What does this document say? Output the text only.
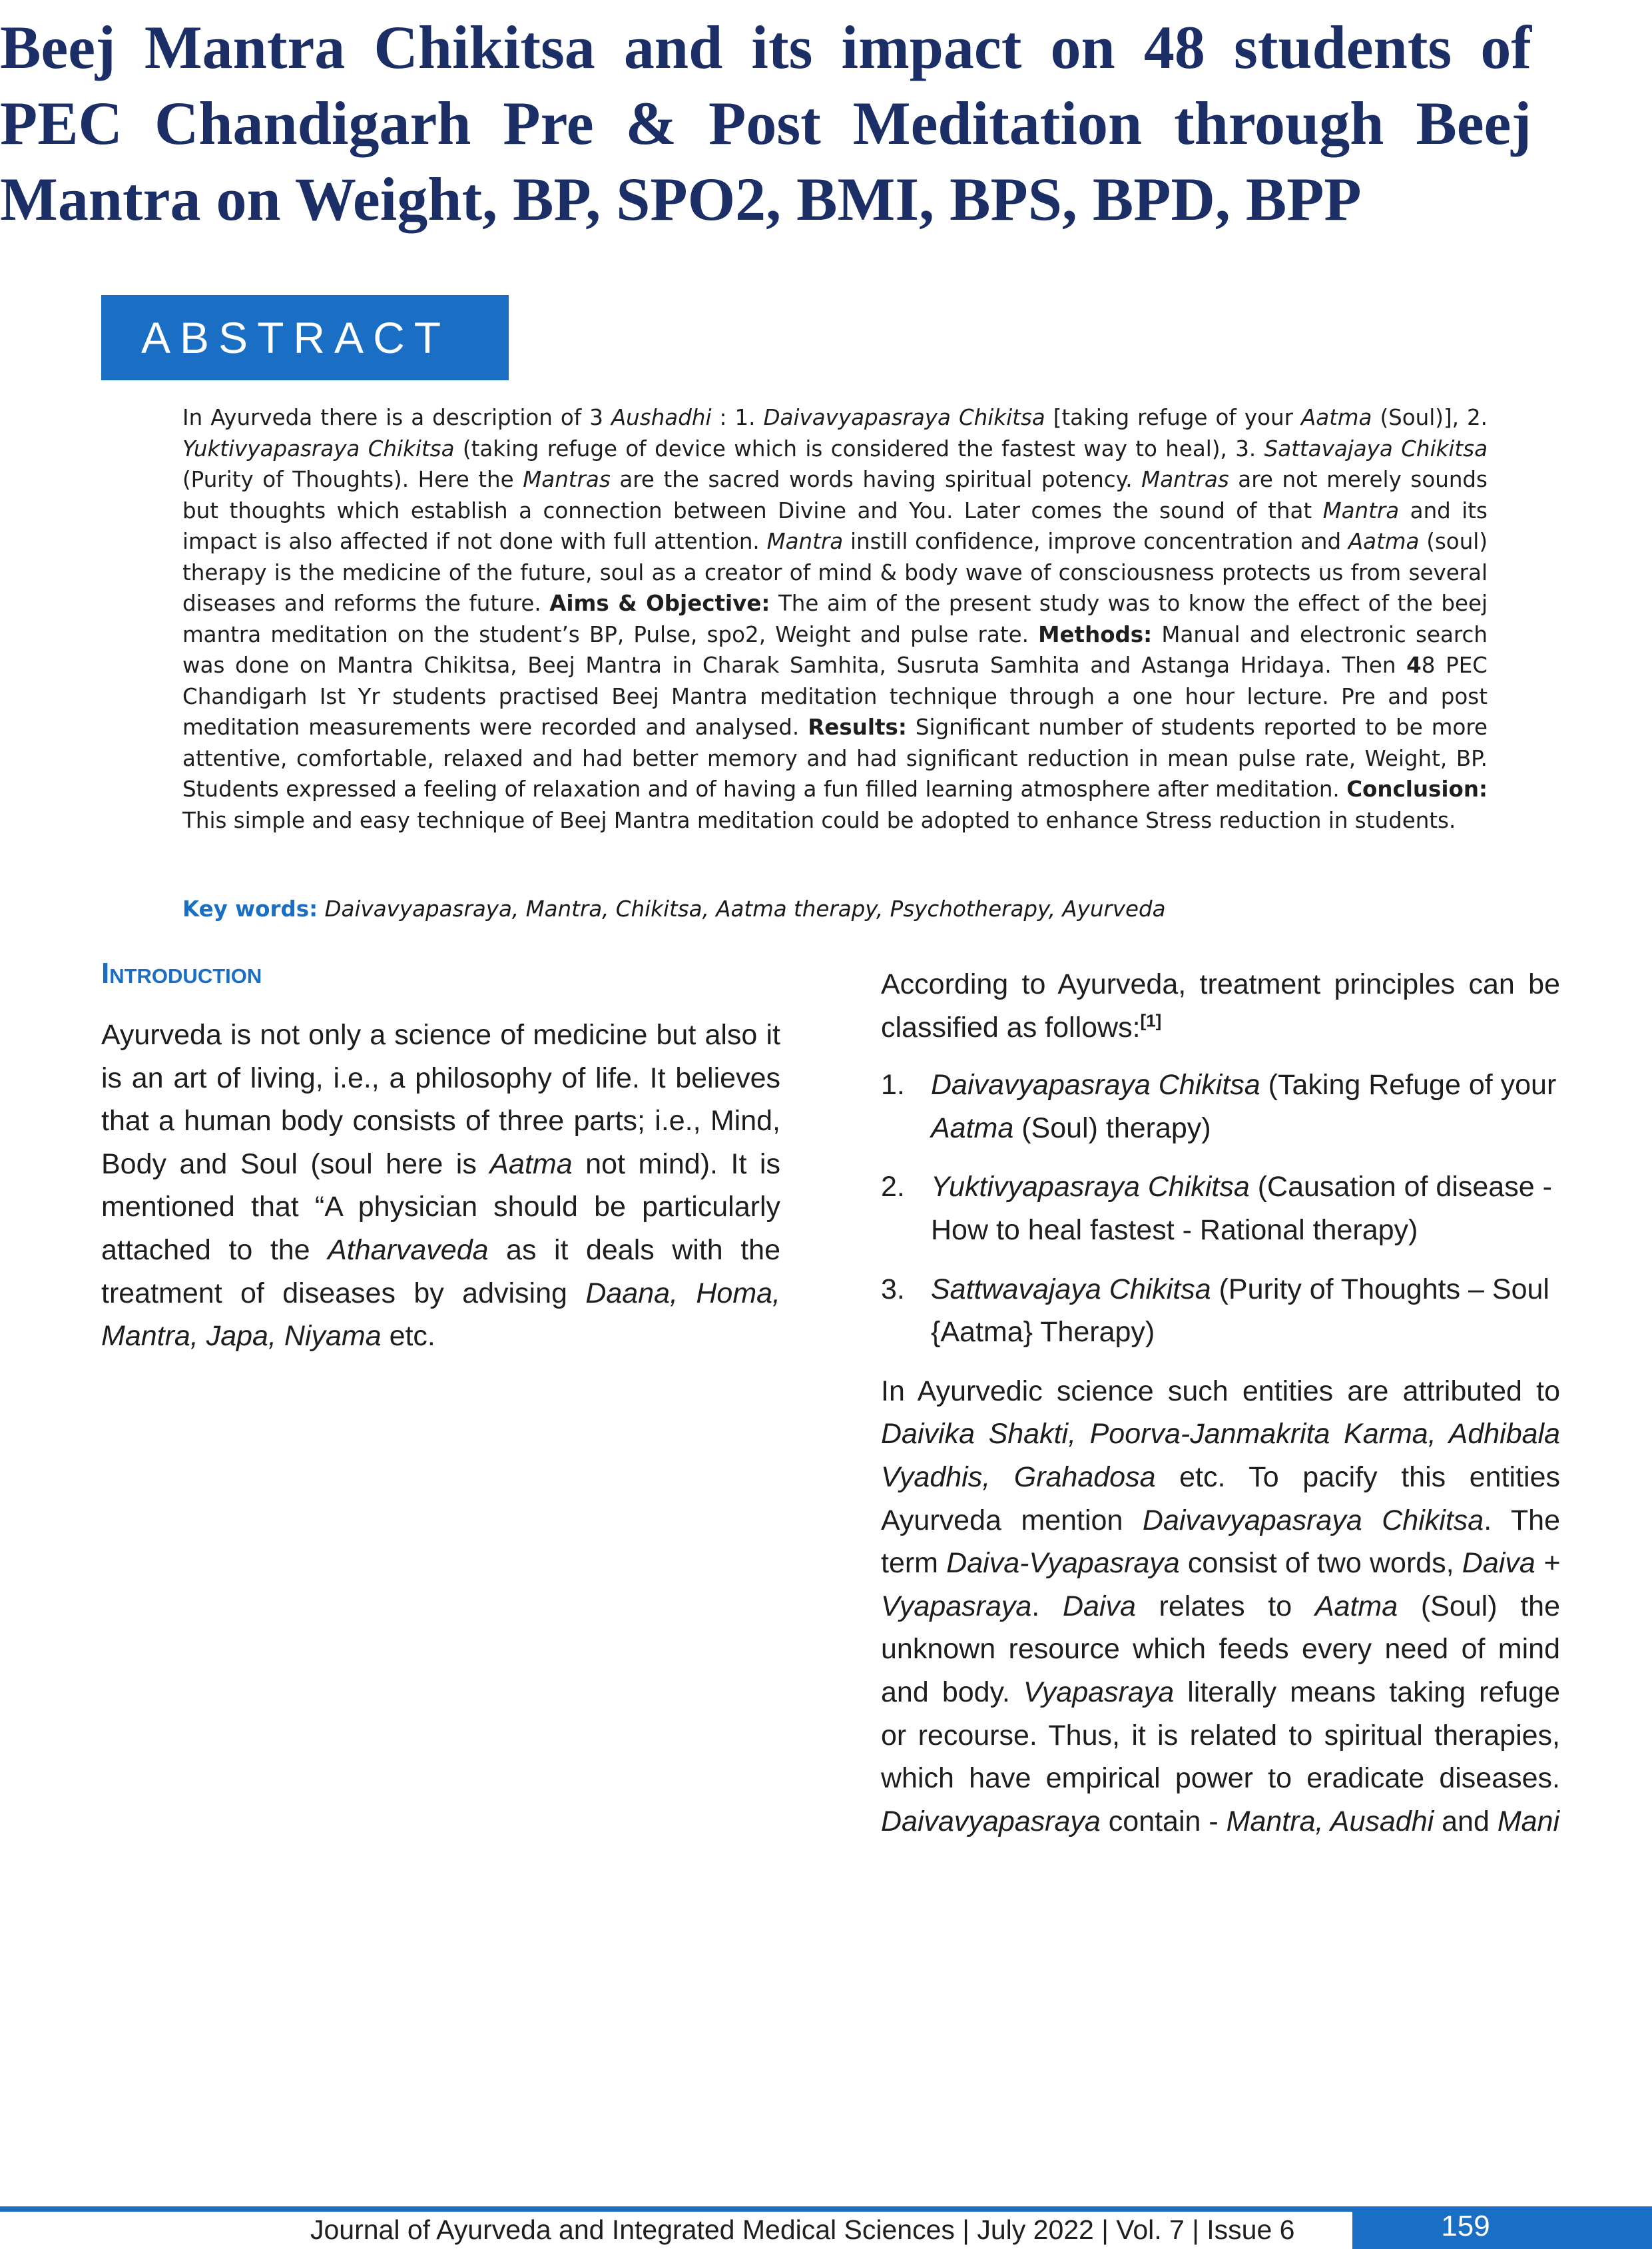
Beej Mantra Chikitsa and its impact on 48 students of PEC Chandigarh Pre & Post Meditation through Beej Mantra on Weight, BP, SPO2, BMI, BPS, BPD, BPP
ABSTRACT
In Ayurveda there is a description of 3 Aushadhi : 1. Daivavyapasraya Chikitsa [taking refuge of your Aatma (Soul)], 2. Yuktivyapasraya Chikitsa (taking refuge of device which is considered the fastest way to heal), 3. Sattavajaya Chikitsa (Purity of Thoughts). Here the Mantras are the sacred words having spiritual potency. Mantras are not merely sounds but thoughts which establish a connection between Divine and You. Later comes the sound of that Mantra and its impact is also affected if not done with full attention. Mantra instill confidence, improve concentration and Aatma (soul) therapy is the medicine of the future, soul as a creator of mind & body wave of consciousness protects us from several diseases and reforms the future. Aims & Objective: The aim of the present study was to know the effect of the beej mantra meditation on the student’s BP, Pulse, spo2, Weight and pulse rate. Methods: Manual and electronic search was done on Mantra Chikitsa, Beej Mantra in Charak Samhita, Susruta Samhita and Astanga Hridaya. Then 48 PEC Chandigarh Ist Yr students practised Beej Mantra meditation technique through a one hour lecture. Pre and post meditation measurements were recorded and analysed. Results: Significant number of students reported to be more attentive, comfortable, relaxed and had better memory and had significant reduction in mean pulse rate, Weight, BP. Students expressed a feeling of relaxation and of having a fun filled learning atmosphere after meditation. Conclusion: This simple and easy technique of Beej Mantra meditation could be adopted to enhance Stress reduction in students.
Key words: Daivavyapasraya, Mantra, Chikitsa, Aatma therapy, Psychotherapy, Ayurveda
Introduction

Ayurveda is not only a science of medicine but also it is an art of living, i.e., a philosophy of life. It believes that a human body consists of three parts; i.e., Mind, Body and Soul (soul here is Aatma not mind). It is mentioned that “A physician should be particularly attached to the Atharvaveda as it deals with the treatment of diseases by advising Daana, Homa, Mantra, Japa, Niyama etc.

According to Ayurveda, treatment principles can be classified as follows:[1]

1. Daivavyapasraya Chikitsa (Taking Refuge of your Aatma (Soul) therapy)
2. Yuktivyapasraya Chikitsa (Causation of disease - How to heal fastest - Rational therapy)
3. Sattwavajaya Chikitsa (Purity of Thoughts – Soul {Aatma} Therapy)

In Ayurvedic science such entities are attributed to Daivika Shakti, Poorva-Janmakrita Karma, Adhibala Vyadhis, Grahadosa etc. To pacify this entities Ayurveda mention Daivavyapasraya Chikitsa. The term Daiva-Vyapasraya consist of two words, Daiva + Vyapasraya. Daiva relates to Aatma (Soul) the unknown resource which feeds every need of mind and body. Vyapasraya literally means taking refuge or recourse. Thus, it is related to spiritual therapies, which have empirical power to eradicate diseases. Daivavyapasraya contain - Mantra, Ausadhi and Mani

Journal of Ayurveda and Integrated Medical Sciences | July 2022 | Vol. 7 | Issue 6	159
